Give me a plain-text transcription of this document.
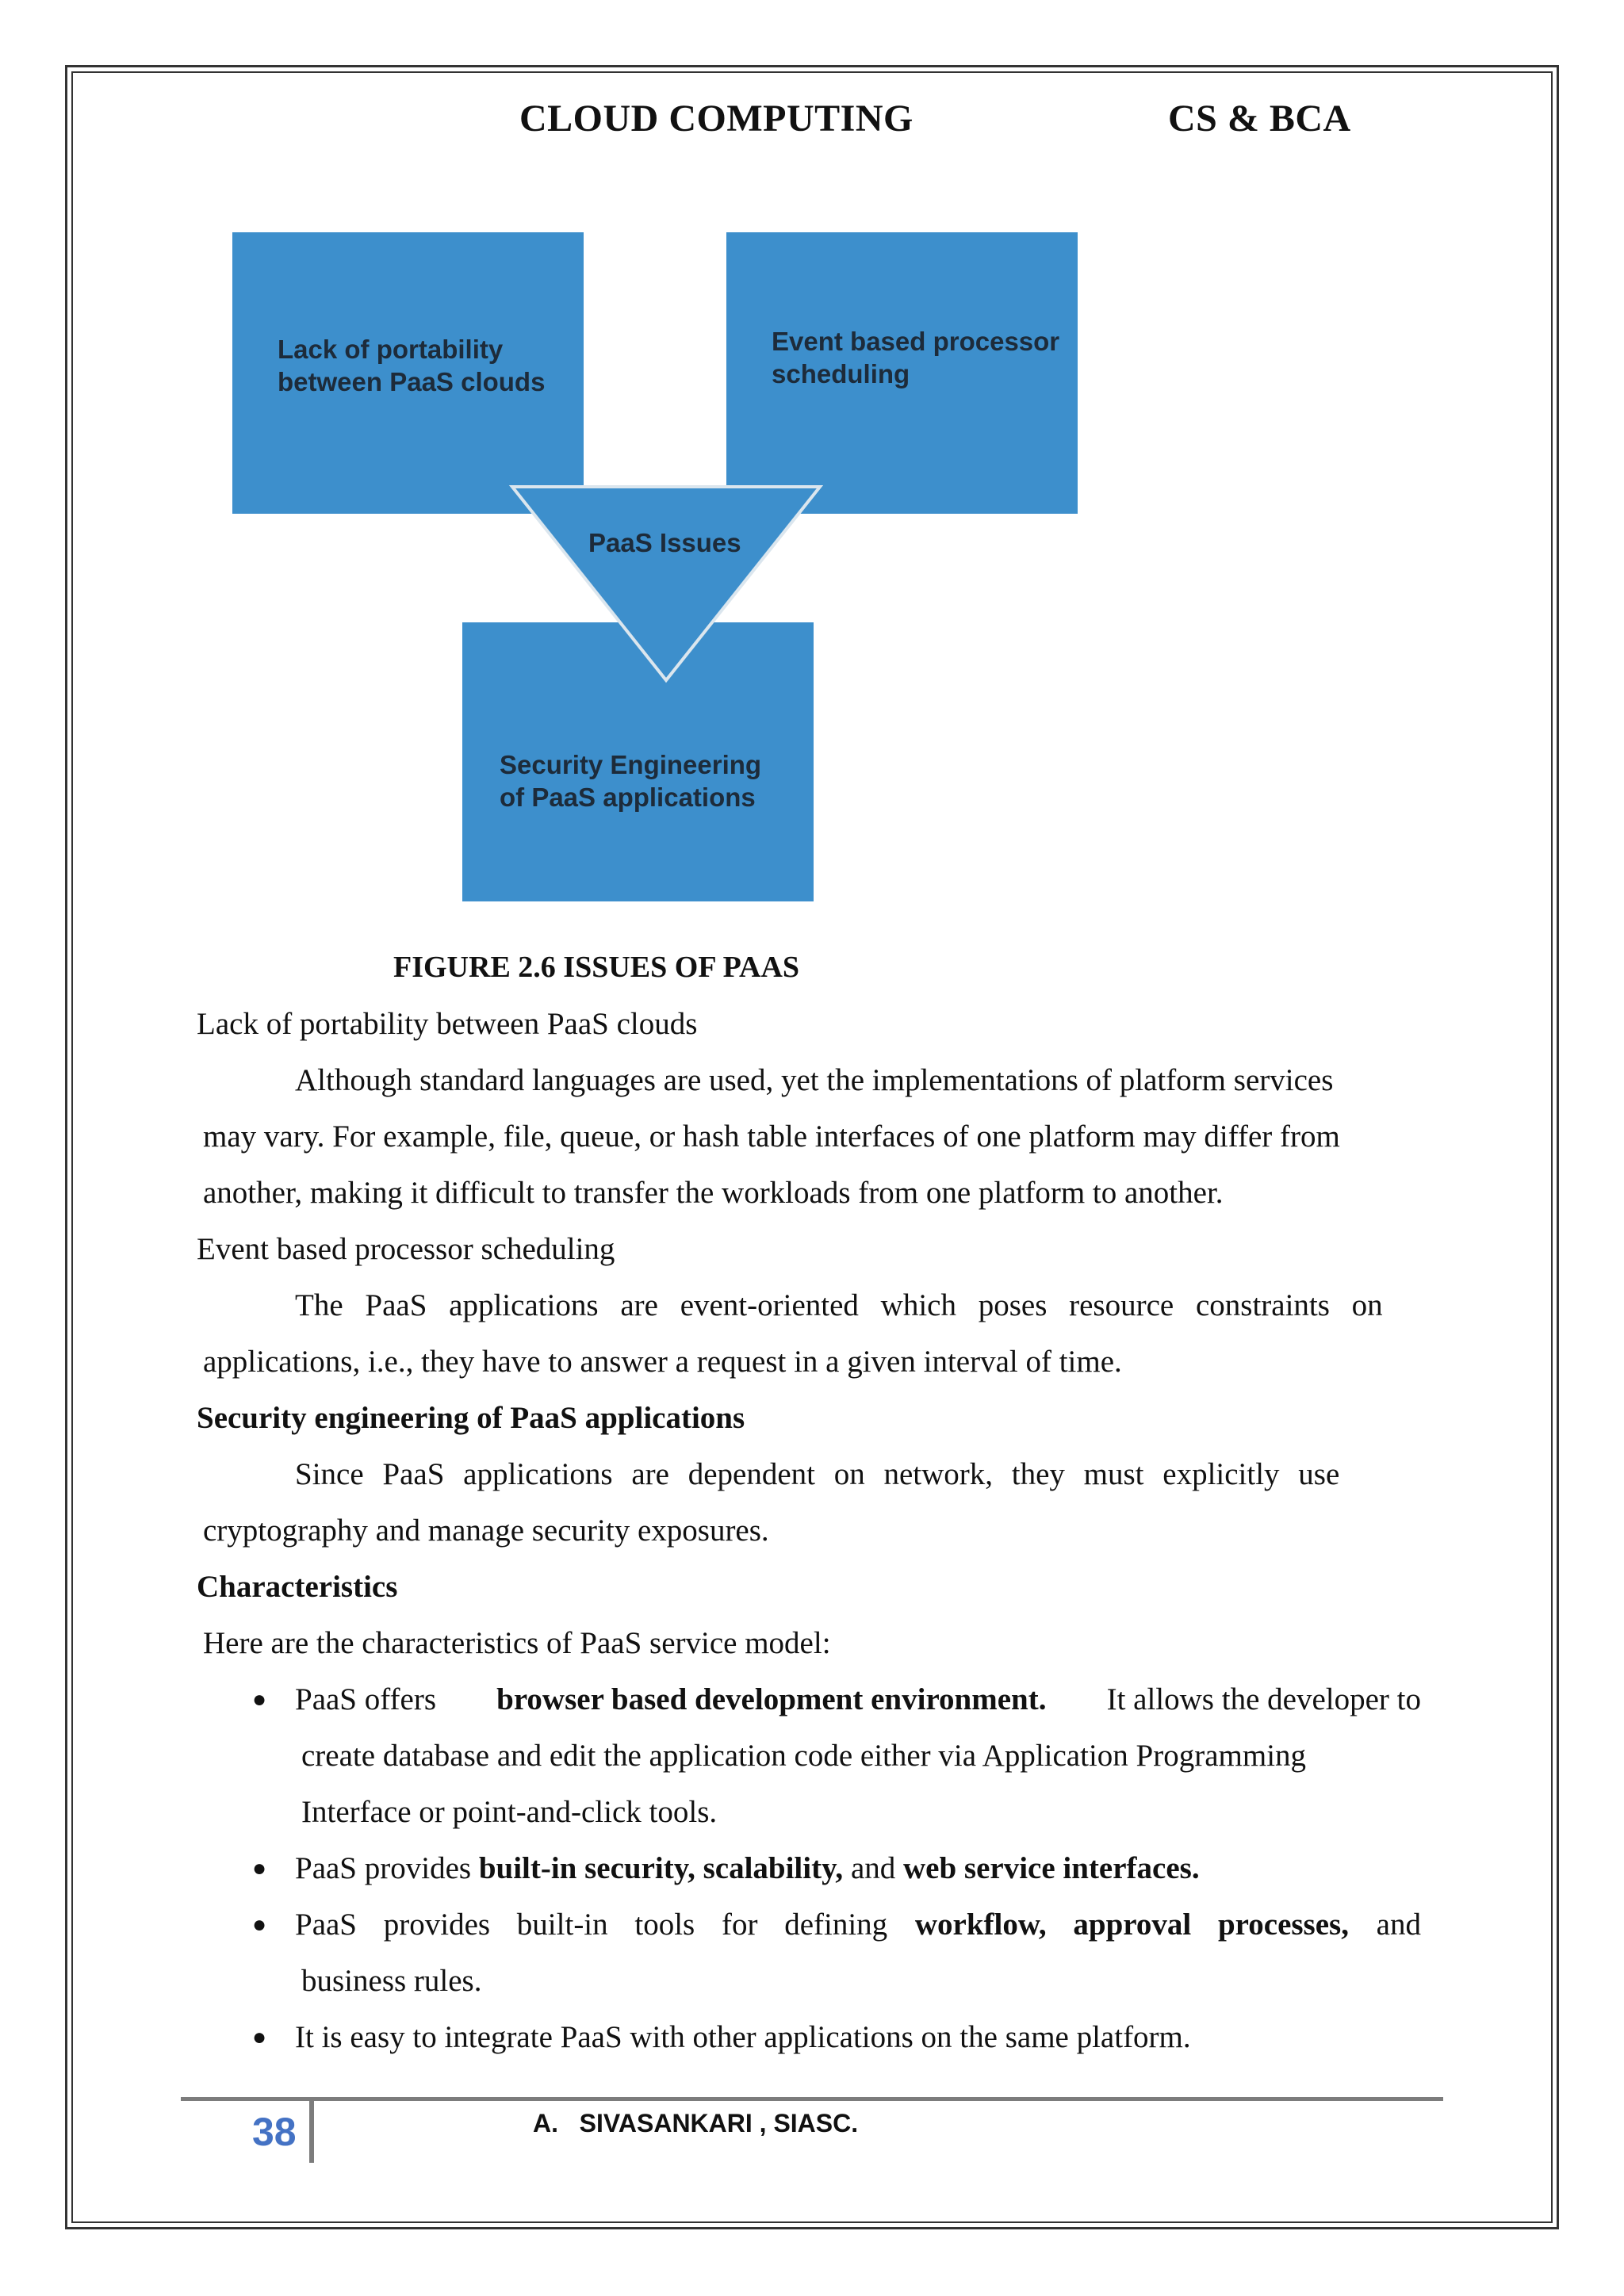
CLOUD COMPUTING	CS & BCA
Lack of portability
between PaaS clouds
Event based processor
scheduling
PaaS Issues
Security Engineering
of PaaS applications
FIGURE 2.6 ISSUES OF PAAS
Lack of portability between PaaS clouds
Although standard languages are used, yet the implementations of platform services
may vary. For example, file, queue, or hash table interfaces of one platform may differ from
another, making it difficult to transfer the workloads from one platform to another.
Event based processor scheduling
The PaaS applications are event-oriented which poses resource constraints on
applications, i.e., they have to answer a request in a given interval of time.
Security engineering of PaaS applications
Since PaaS applications are dependent on network, they must explicitly use
cryptography and manage security exposures.
Characteristics
Here are the characteristics of PaaS service model:
● PaaS offers browser based development environment. It allows the developer to
create database and edit the application code either via Application Programming
Interface or point-and-click tools.
● PaaS provides built-in security, scalability, and web service interfaces.
● PaaS provides built-in tools for defining workflow, approval processes, and
business rules.
● It is easy to integrate PaaS with other applications on the same platform.
38	A.   SIVASANKARI , SIASC.
